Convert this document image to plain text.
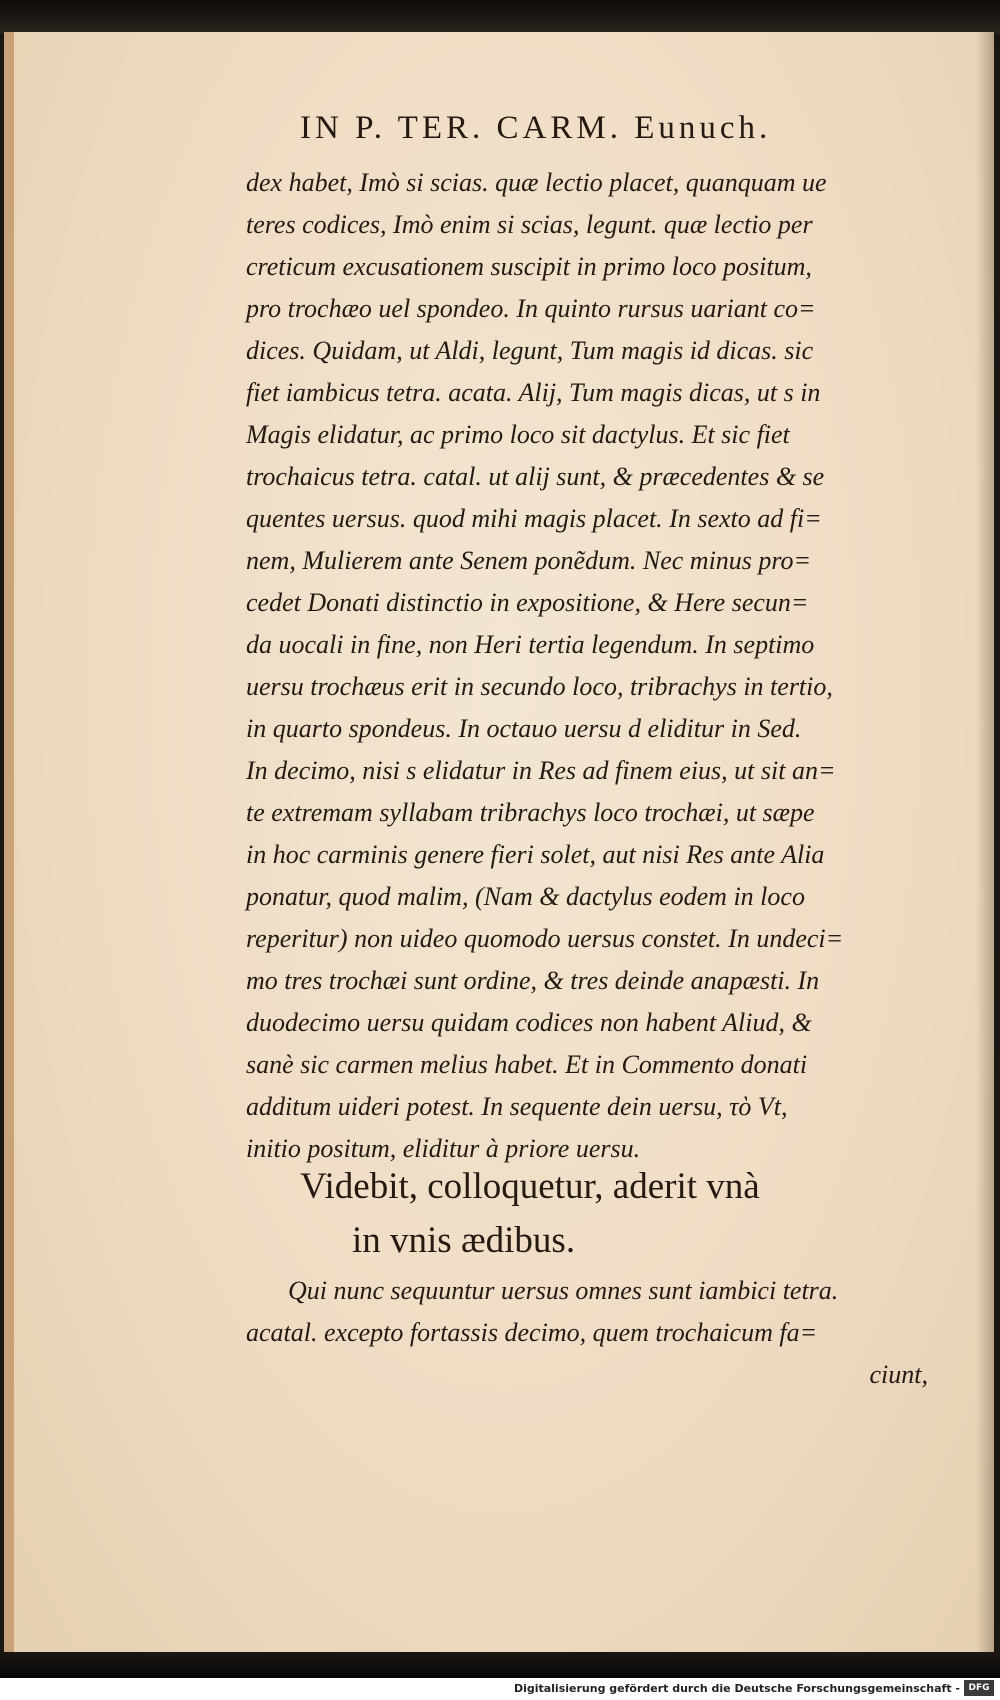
IN P. TER. CARM. Eunuch.
dex habet, Imò si scias. quæ lectio placet, quanquam ue
teres codices, Imò enim si scias, legunt. quæ lectio per
creticum excusationem suscipit in primo loco positum,
pro trochæo uel spondeo. In quinto rursus uariant co=
dices. Quidam, ut Aldi, legunt, Tum magis id dicas. sic
fiet iambicus tetra. acata. Alij, Tum magis dicas, ut s in
Magis elidatur, ac primo loco sit dactylus. Et sic fiet
trochaicus tetra. catal. ut alij sunt, & præcedentes & se
quentes uersus. quod mihi magis placet. In sexto ad fi=
nem, Mulierem ante Senem ponẽdum. Nec minus pro=
cedet Donati distinctio in expositione, & Here secun=
da uocali in fine, non Heri tertia legendum. In septimo
uersu trochæus erit in secundo loco, tribrachys in tertio,
in quarto spondeus. In octauo uersu d eliditur in Sed.
In decimo, nisi s elidatur in Res ad finem eius, ut sit an=
te extremam syllabam tribrachys loco trochæi, ut sæpe
in hoc carminis genere fieri solet, aut nisi Res ante Alia
ponatur, quod malim, (Nam & dactylus eodem in loco
reperitur) non uideo quomodo uersus constet. In undeci=
mo tres trochæi sunt ordine, & tres deinde anapæsti. In
duodecimo uersu quidam codices non habent Aliud, &
sanè sic carmen melius habet. Et in Commento donati
additum uideri potest. In sequente dein uersu, τὸ Vt,
initio positum, eliditur à priore uersu.
Videbit, colloquetur, aderit vnà
in vnis ædibus.
Qui nunc sequuntur uersus omnes sunt iambici tetra.
acatal. excepto fortassis decimo, quem trochaicum fa=
ciunt,
Digitalisierung gefördert durch die Deutsche Forschungsgemeinschaft - DFG
